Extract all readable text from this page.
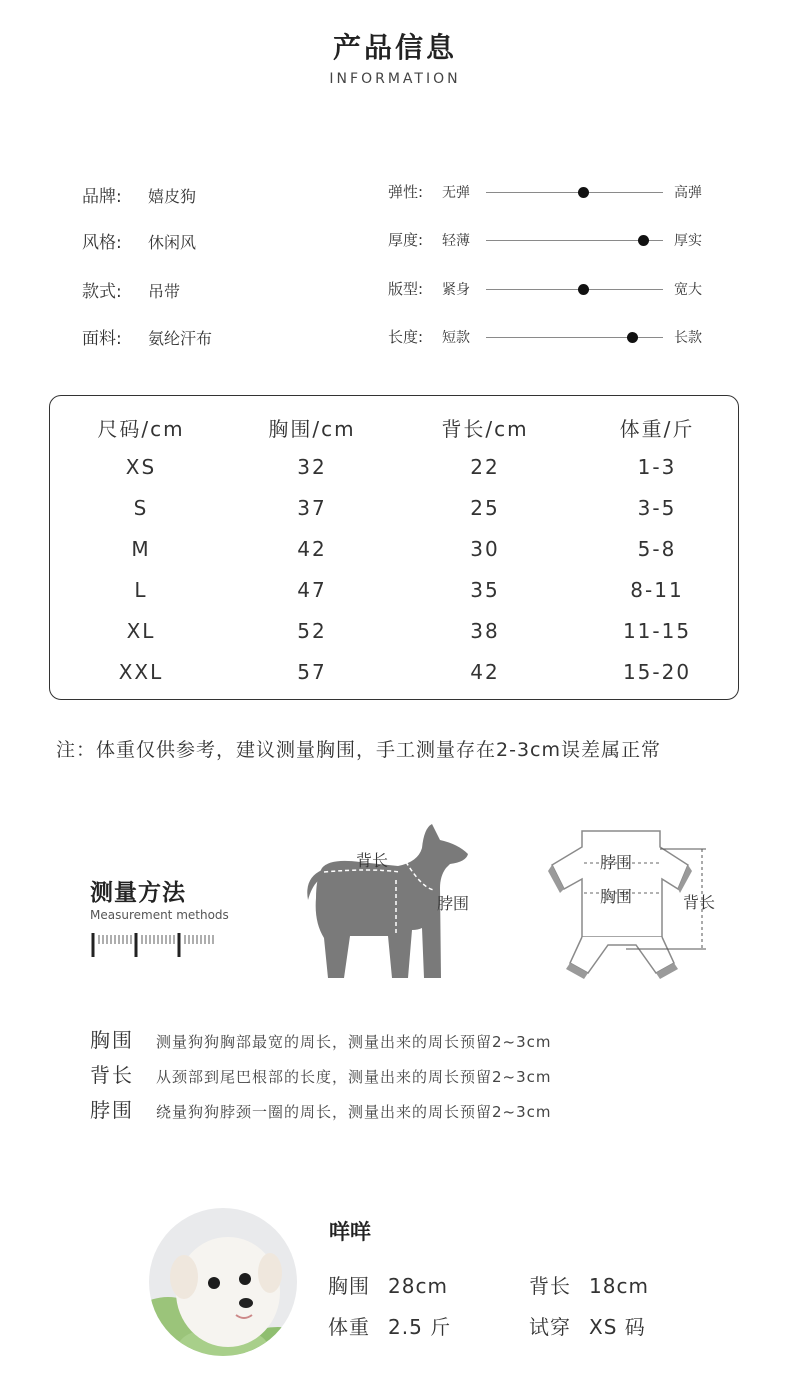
产品信息
INFORMATION
品牌: 嬉皮狗
风格: 休闲风
款式: 吊带
面料: 氨纶汗布
弹性: 无弹	高弹
厚度: 轻薄	厚实
版型: 紧身	宽大
长度: 短款	长款
尺码/cm	胸围/cm	背长/cm	体重/斤
XS	32	22	1-3
S	37	25	3-5
M	42	30	5-8
L	47	35	8-11
XL	52	38	11-15
XXL	57	42	15-20
注：体重仅供参考，建议测量胸围，手工测量存在2-3cm误差属正常
测量方法
Measurement methods
背长
脖围
胸围
脖围
胸围	背长
胸围 测量狗狗胸部最宽的周长，测量出来的周长预留2~3cm
背长 从颈部到尾巴根部的长度，测量出来的周长预留2~3cm
脖围 绕量狗狗脖颈一圈的周长，测量出来的周长预留2~3cm
咩咩
胸围 28cm	背长 18cm
体重 2.5 斤	试穿 XS 码
